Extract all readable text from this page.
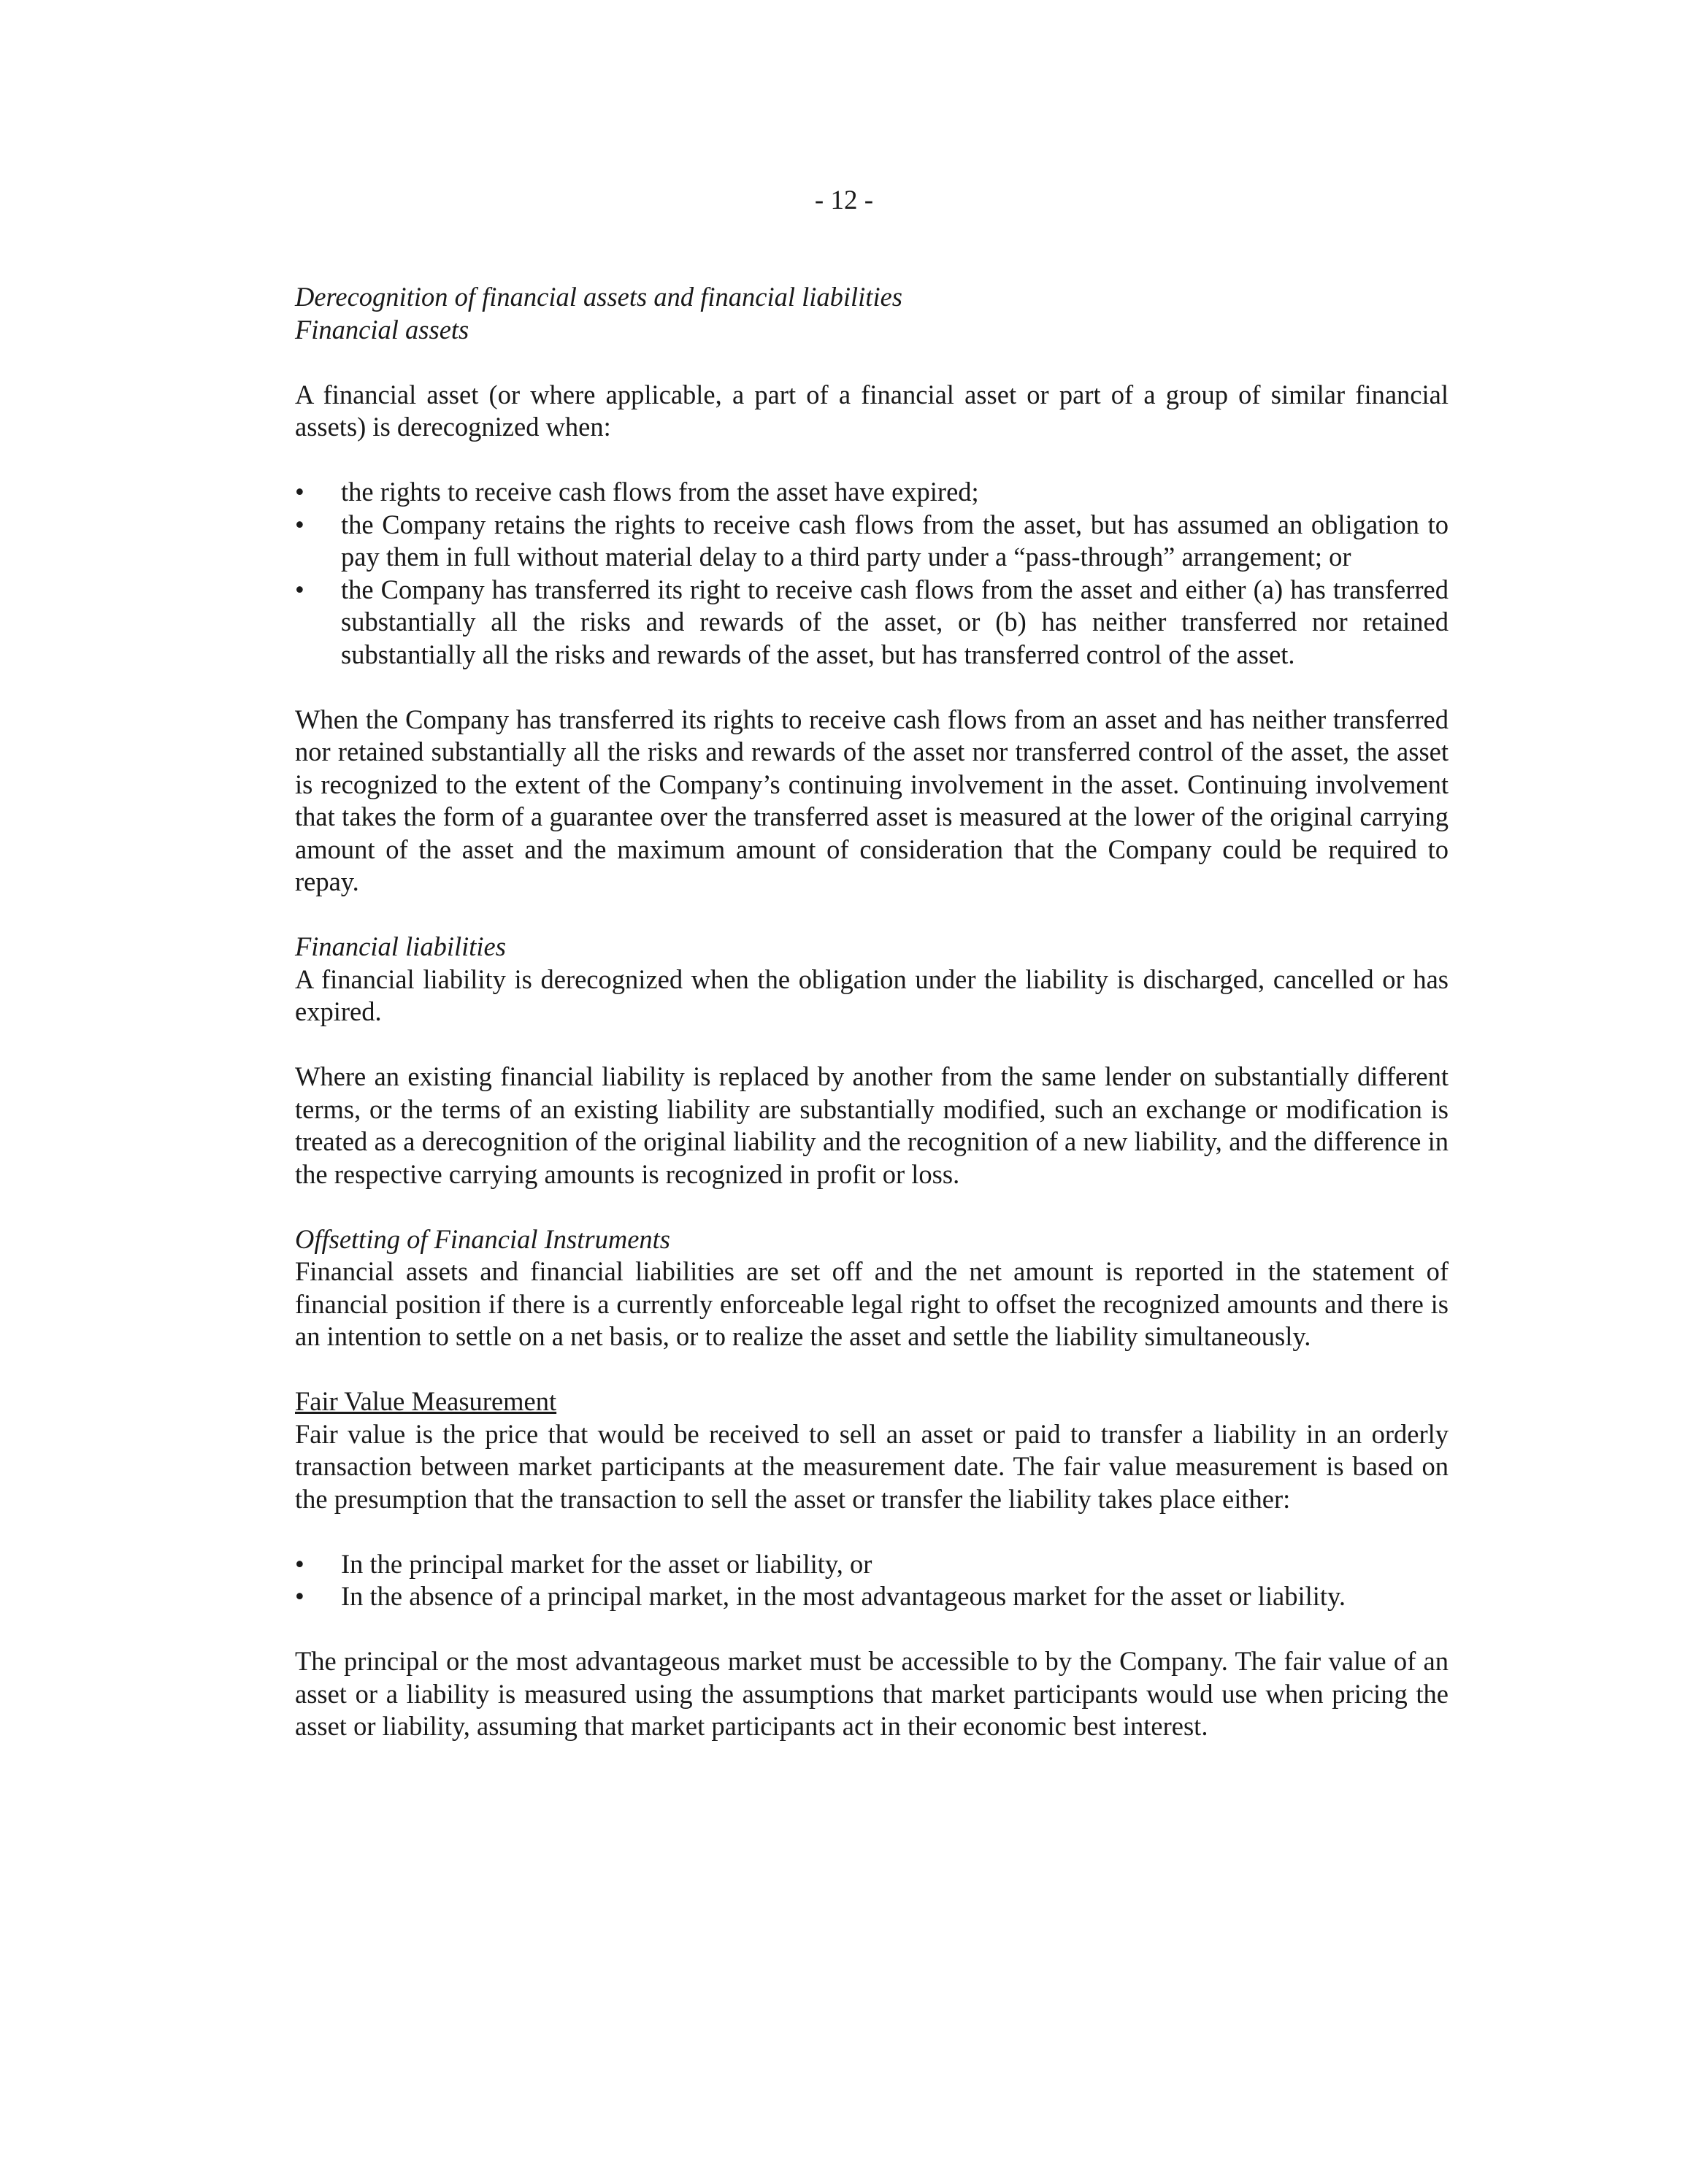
- 12 -
Derecognition of financial assets and financial liabilities
Financial assets

A financial asset (or where applicable, a part of a financial asset or part of a group of similar financial assets) is derecognized when:

•	the rights to receive cash flows from the asset have expired;
•	the Company retains the rights to receive cash flows from the asset, but has assumed an obligation to pay them in full without material delay to a third party under a “pass-through” arrangement; or
•	the Company has transferred its right to receive cash flows from the asset and either (a) has transferred substantially all the risks and rewards of the asset, or (b) has neither transferred nor retained substantially all the risks and rewards of the asset, but has transferred control of the asset.

When the Company has transferred its rights to receive cash flows from an asset and has neither transferred nor retained substantially all the risks and rewards of the asset nor transferred control of the asset, the asset is recognized to the extent of the Company’s continuing involvement in the asset. Continuing involvement that takes the form of a guarantee over the transferred asset is measured at the lower of the original carrying amount of the asset and the maximum amount of consideration that the Company could be required to repay.

Financial liabilities

A financial liability is derecognized when the obligation under the liability is discharged, cancelled or has expired.

Where an existing financial liability is replaced by another from the same lender on substantially different terms, or the terms of an existing liability are substantially modified, such an exchange or modification is treated as a derecognition of the original liability and the recognition of a new liability, and the difference in the respective carrying amounts is recognized in profit or loss.

Offsetting of Financial Instruments

Financial assets and financial liabilities are set off and the net amount is reported in the statement of financial position if there is a currently enforceable legal right to offset the recognized amounts and there is an intention to settle on a net basis, or to realize the asset and settle the liability simultaneously.

Fair Value Measurement

Fair value is the price that would be received to sell an asset or paid to transfer a liability in an orderly transaction between market participants at the measurement date. The fair value measurement is based on the presumption that the transaction to sell the asset or transfer the liability takes place either:

•	In the principal market for the asset or liability, or
•	In the absence of a principal market, in the most advantageous market for the asset or liability.

The principal or the most advantageous market must be accessible to by the Company. The fair value of an asset or a liability is measured using the assumptions that market participants would use when pricing the asset or liability, assuming that market participants act in their economic best interest.
